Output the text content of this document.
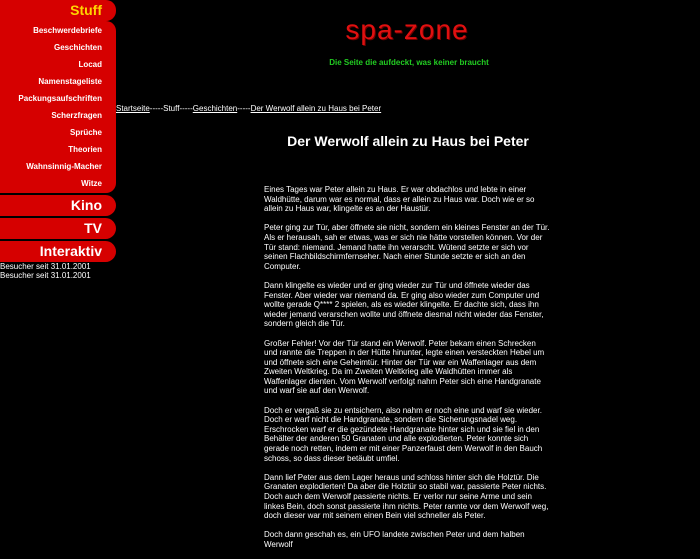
Stuff
Beschwerdebriefe
Geschichten
Locad
Namenstageliste
Packungsaufschriften
Scherzfragen
Sprüche
Theorien
Wahnsinnig-Macher
Witze
Kino
TV
Interaktiv
Besucher seit 31.01.2001
Besucher seit 31.01.2001
spa-zone
Die Seite die aufdeckt, was keiner braucht
Startseite-----Stuff-----Geschichten-----Der Werwolf allein zu Haus bei Peter
Der Werwolf allein zu Haus bei Peter

Eines Tages war Peter allein zu Haus. Er war obdachlos und lebte in einer Waldhütte, darum war es normal, dass er allein zu Haus war. Doch wie er so allein zu Haus war, klingelte es an der Haustür.

Peter ging zur Tür, aber öffnete sie nicht, sondern ein kleines Fenster an der Tür. Als er herausah, sah er etwas, was er sich nie hätte vorstellen können. Vor der Tür stand: niemand. Jemand hatte ihn verarscht. Wütend setzte er sich vor seinen Flachbildschirmfernseher. Nach einer Stunde setzte er sich an den Computer.

Dann klingelte es wieder und er ging wieder zur Tür und öffnete wieder das Fenster. Aber wieder war niemand da. Er ging also wieder zum Computer und wollte gerade Q**** 2 spielen, als es wieder klingelte. Er dachte sich, dass ihn wieder jemand verarschen wollte und öffnete diesmal nicht wieder das Fenster, sondern gleich die Tür.

Großer Fehler! Vor der Tür stand ein Werwolf. Peter bekam einen Schrecken und rannte die Treppen in der Hütte hinunter, legte einen versteckten Hebel um und öffnete sich eine Geheimtür. Hinter der Tür war ein Waffenlager aus dem Zweiten Weltkrieg. Da im Zweiten Weltkrieg alle Waldhütten immer als Waffenlager dienten. Vom Werwolf verfolgt nahm Peter sich eine Handgranate und warf sie auf den Werwolf.

Doch er vergaß sie zu entsichern, also nahm er noch eine und warf sie wieder. Doch er warf nicht die Handgranate, sondern die Sicherungsnadel weg. Erschrocken warf er die gezündete Handgranate hinter sich und sie fiel in den Behälter der anderen 50 Granaten und alle explodierten. Peter konnte sich gerade noch retten, indem er mit einer Panzerfaust dem Werwolf in den Bauch schoss, so dass dieser betäubt umfiel.

Dann lief Peter aus dem Lager heraus und schloss hinter sich die Holztür. Die Granaten explodierten! Da aber die Holztür so stabil war, passierte Peter nichts. Doch auch dem Werwolf passierte nichts. Er verlor nur seine Arme und sein linkes Bein, doch sonst passierte ihm nichts. Peter rannte vor dem Werwolf weg, doch dieser war mit seinem einen Bein viel schneller als Peter.

Doch dann geschah es, ein UFO landete zwischen Peter und dem halben Werwolf
